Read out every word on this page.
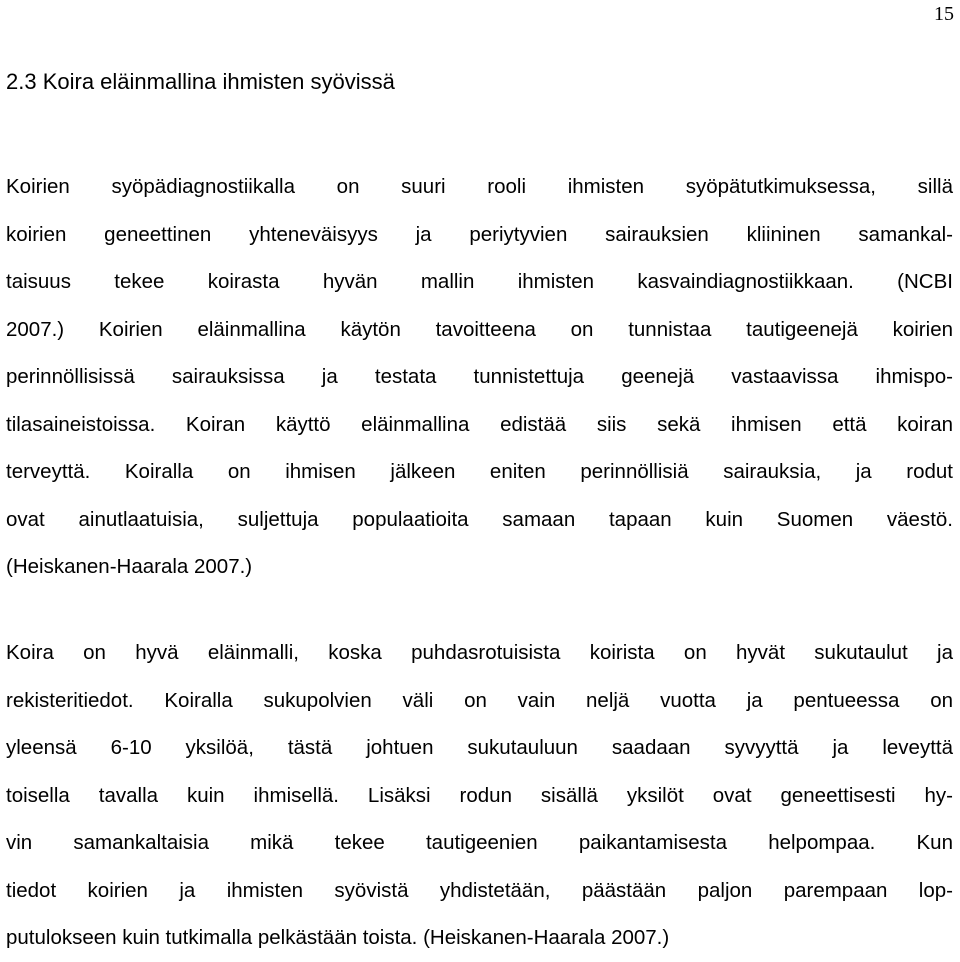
15
2.3 Koira eläinmallina ihmisten syövissä
Koirien syöpädiagnostiikalla on suuri rooli ihmisten syöpätutkimuksessa, sillä
koirien geneettinen yhteneväisyys ja periytyvien sairauksien kliininen samankal-
taisuus tekee koirasta hyvän mallin ihmisten kasvaindiagnostiikkaan. (NCBI
2007.) Koirien eläinmallina käytön tavoitteena on tunnistaa tautigeenejä koirien
perinnöllisissä sairauksissa ja testata tunnistettuja geenejä vastaavissa ihmispo-
tilasaineistoissa. Koiran käyttö eläinmallina edistää siis sekä ihmisen että koiran
terveyttä. Koiralla on ihmisen jälkeen eniten perinnöllisiä sairauksia, ja rodut
ovat ainutlaatuisia, suljettuja populaatioita samaan tapaan kuin Suomen väestö.
(Heiskanen-Haarala 2007.)
Koira on hyvä eläinmalli, koska puhdasrotuisista koirista on hyvät sukutaulut ja
rekisteritiedot. Koiralla sukupolvien väli on vain neljä vuotta ja pentueessa on
yleensä 6-10 yksilöä, tästä johtuen sukutauluun saadaan syvyyttä ja leveyttä
toisella tavalla kuin ihmisellä. Lisäksi rodun sisällä yksilöt ovat geneettisesti hy-
vin samankaltaisia mikä tekee tautigeenien paikantamisesta helpompaa. Kun
tiedot koirien ja ihmisten syövistä yhdistetään, päästään paljon parempaan lop-
putulokseen kuin tutkimalla pelkästään toista. (Heiskanen-Haarala 2007.)
